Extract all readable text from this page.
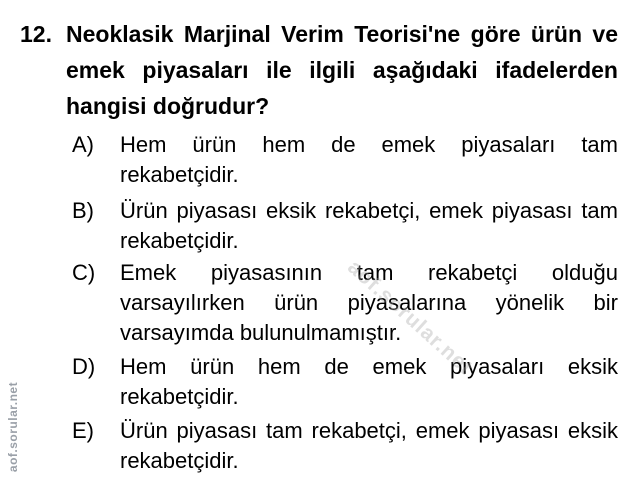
12. Neoklasik Marjinal Verim Teorisi'ne göre ürün ve emek piyasaları ile ilgili aşağıdaki ifadelerden hangisi doğrudur?
A)	Hem ürün hem de emek piyasaları tam rekabetçidir.
B)	Ürün piyasası eksik rekabetçi, emek piyasası tam rekabetçidir.
C)	Emek piyasasının tam rekabetçi olduğu varsayılırken ürün piyasalarına yönelik bir varsayımda bulunulmamıştır.
D)	Hem ürün hem de emek piyasaları eksik rekabetçidir.
E)	Ürün piyasası tam rekabetçi, emek piyasası eksik rekabetçidir.
aof.sorular.net
aof.sorular.net
